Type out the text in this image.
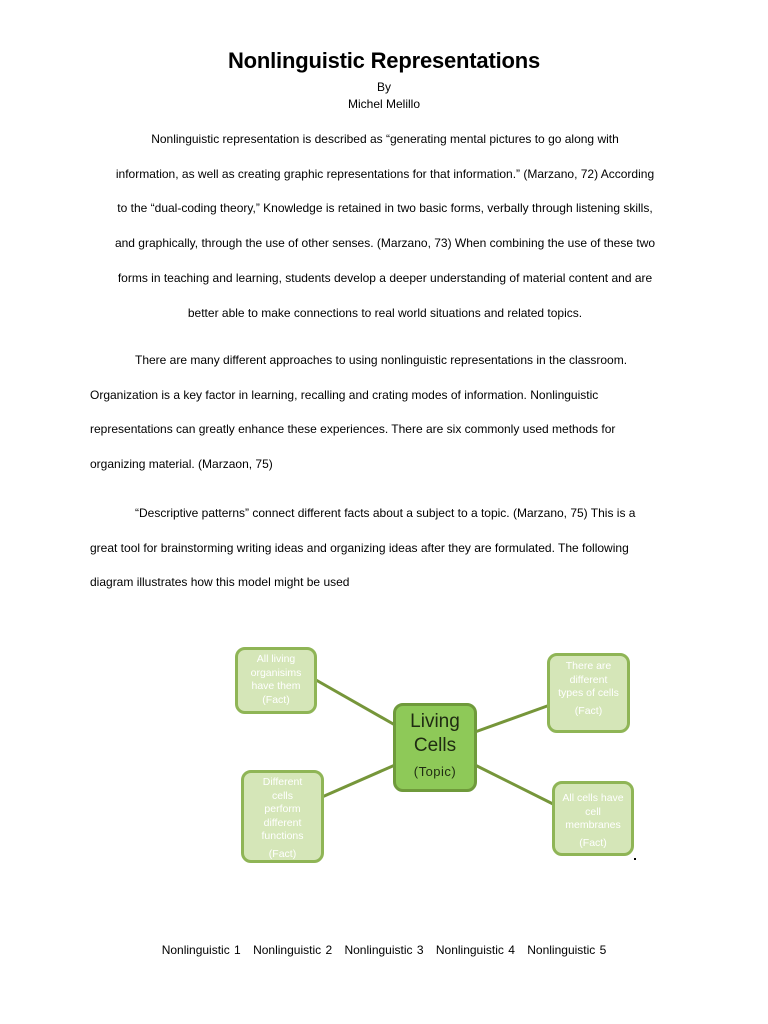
Nonlinguistic Representations
By
Michel Melillo
Nonlinguistic representation is described as “generating mental pictures to go along with
information, as well as creating graphic representations for that information.” (Marzano, 72) According
to the “dual-coding theory,” Knowledge is retained in two basic forms, verbally through listening skills,
and graphically, through the use of other senses. (Marzano, 73) When combining the use of these two
forms in teaching and learning, students develop a deeper understanding of material content and are
better able to make connections to real world situations and related topics.
There are many different approaches to using nonlinguistic representations in the classroom.
Organization is a key factor in learning, recalling and crating modes of information. Nonlinguistic
representations can greatly enhance these experiences. There are six commonly used methods for
organizing material. (Marzaon, 75)
“Descriptive patterns” connect different facts about a subject to a topic. (Marzano, 75) This is a
great tool for brainstorming writing ideas and organizing ideas after they are formulated. The following
diagram illustrates how this model might be used
All living organisims have them
(Fact)
There are different types of cells
(Fact)
Different cells perform different functions
(Fact)
All cells have cell membranes
(Fact)
Living Cells
(Topic)
Nonlinguistic 1 Nonlinguistic 2 Nonlinguistic 3 Nonlinguistic 4 Nonlinguistic 5
